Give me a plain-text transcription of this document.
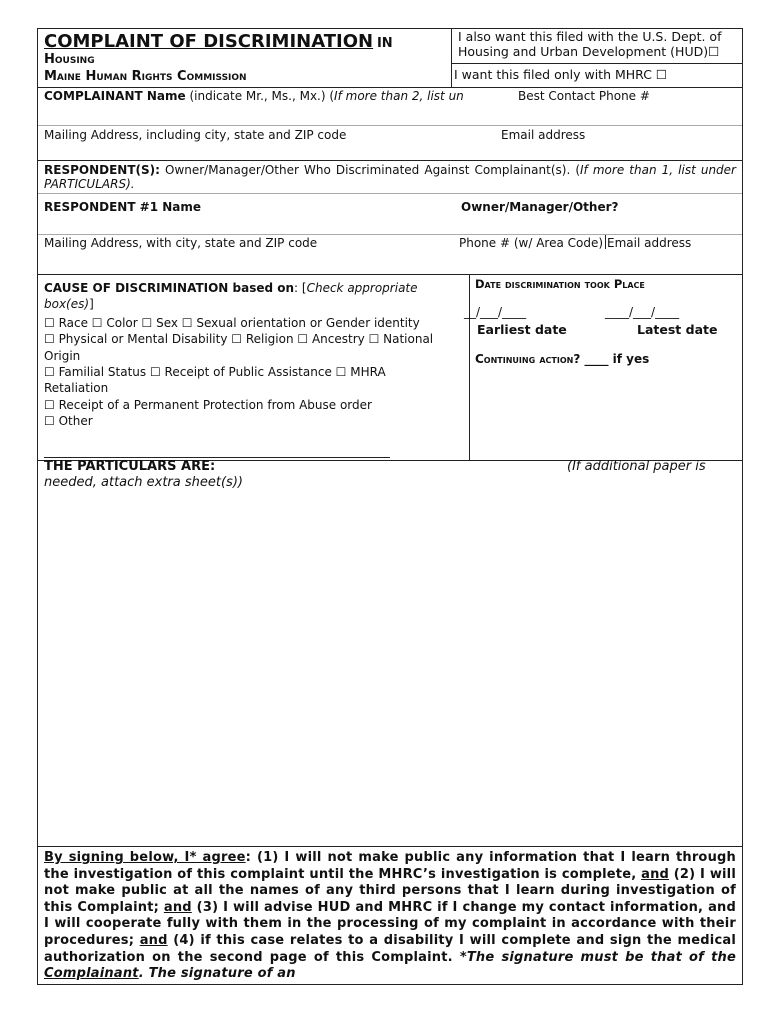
COMPLAINT OF DISCRIMINATION IN
Housing
Maine Human Rights Commission
I also want this filed with the U.S. Dept. of Housing and Urban Development (HUD)☐
I want this filed only with MHRC ☐
COMPLAINANT Name (indicate Mr., Ms., Mx.) (If more than 2, list un	Best Contact Phone #
Mailing Address, including city, state and ZIP code	Email address
RESPONDENT(S): Owner/Manager/Other Who Discriminated Against Complainant(s). (If more than 1, list under PARTICULARS).
RESPONDENT #1 Name	Owner/Manager/Other?
Mailing Address, with city, state and ZIP code	Phone # (w/ Area Code) Email address
CAUSE OF DISCRIMINATION based on: [Check appropriate box(es)]
☐ Race ☐ Color ☐ Sex ☐ Sexual orientation or Gender identity
☐ Physical or Mental Disability ☐ Religion ☐ Ancestry ☐ National Origin
☐ Familial Status ☐ Receipt of Public Assistance ☐ MHRA Retaliation
☐ Receipt of a Permanent Protection from Abuse order
☐ Other
Date discrimination took Place
__/___/____	____/___/____
Earliest date	Latest date
Continuing action? ____ if yes
THE PARTICULARS ARE:	(If additional paper is
needed, attach extra sheet(s))
By signing below, I* agree: (1) I will not make public any information that I learn through the investigation of this complaint until the MHRC’s investigation is complete, and (2) I will not make public at all the names of any third persons that I learn during investigation of this Complaint; and (3) I will advise HUD and MHRC if I change my contact information, and I will cooperate fully with them in the processing of my complaint in accordance with their procedures; and (4) if this case relates to a disability I will complete and sign the medical authorization on the second page of this Complaint. *The signature must be that of the Complainant. The signature of an
